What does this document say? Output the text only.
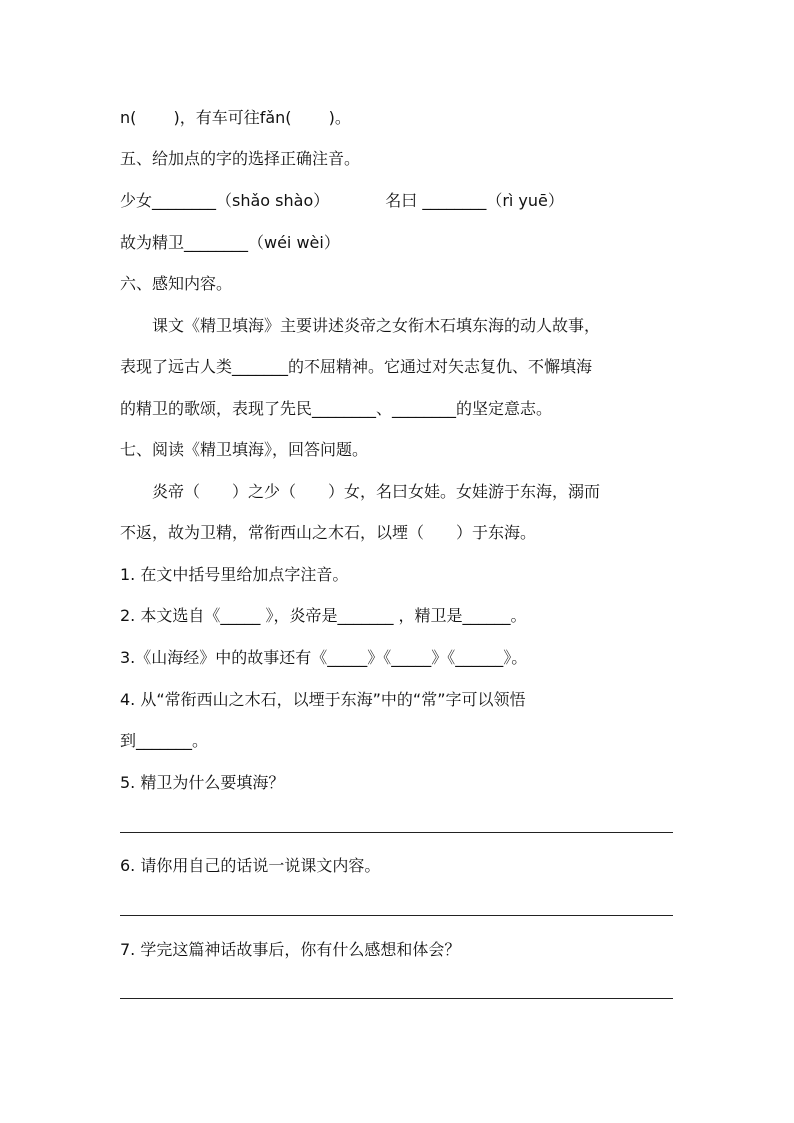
n(　　 )，有车可往fǎn(　　 )。
五、给加点的字的选择正确注音。
少女________（shǎo shào）　　　　名曰 ________（rì yuē）
故为精卫________（wéi wèi）
六、感知内容。
课文《精卫填海》主要讲述炎帝之女衔木石填东海的动人故事，
表现了远古人类_______的不屈精神。它通过对矢志复仇、不懈填海
的精卫的歌颂，表现了先民________、________的坚定意志。
七、阅读《精卫填海》，回答问题。
炎帝（　　）之少（　　）女，名曰女娃。女娃游于东海，溺而
不返，故为卫精，常衔西山之木石，以堙（　　）于东海。
1. 在文中括号里给加点字注音。
2. 本文选自《_____ 》，炎帝是_______ ，精卫是______。
3.《山海经》中的故事还有《_____》《_____》《______》。
4. 从“常衔西山之木石，以堙于东海”中的“常”字可以领悟
到_______。
5. 精卫为什么要填海？
6. 请你用自己的话说一说课文内容。
7. 学完这篇神话故事后，你有什么感想和体会？
